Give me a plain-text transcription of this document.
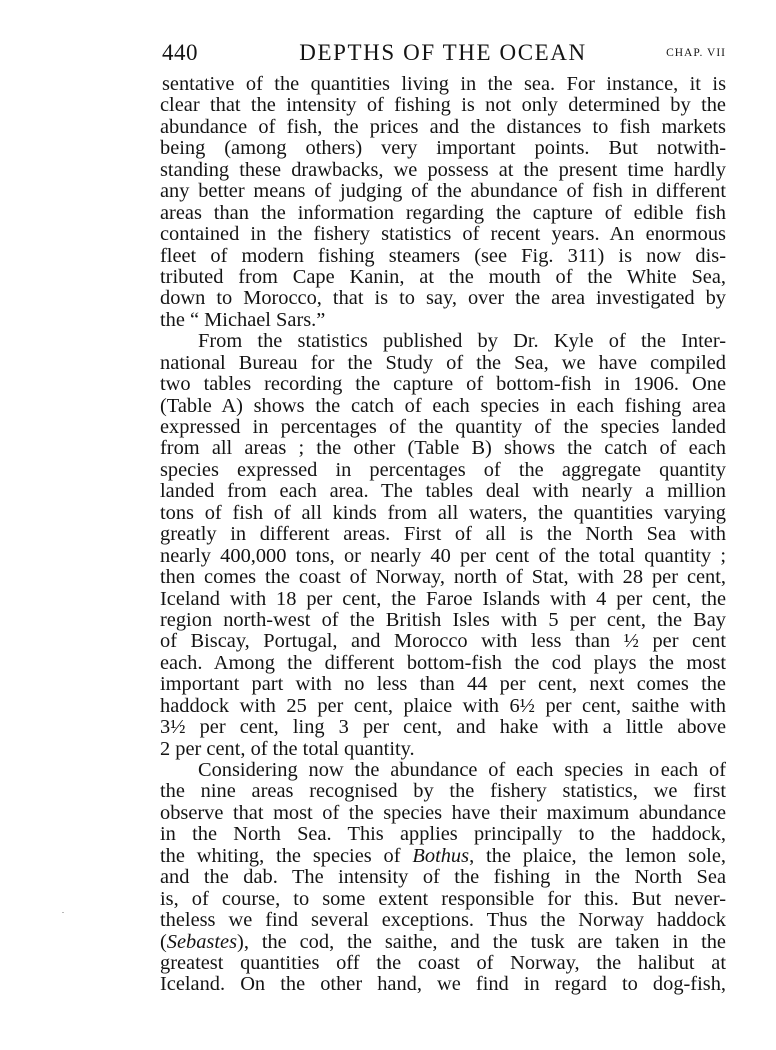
440	DEPTHS OF THE OCEAN	CHAP. VII
sentative of the quantities living in the sea. For instance, it is
clear that the intensity of fishing is not only determined by the
abundance of fish, the prices and the distances to fish markets
being (among others) very important points. But notwith-
standing these drawbacks, we possess at the present time hardly
any better means of judging of the abundance of fish in different
areas than the information regarding the capture of edible fish
contained in the fishery statistics of recent years. An enormous
fleet of modern fishing steamers (see Fig. 311) is now dis-
tributed from Cape Kanin, at the mouth of the White Sea,
down to Morocco, that is to say, over the area investigated by
the “ Michael Sars.”
From the statistics published by Dr. Kyle of the Inter-
national Bureau for the Study of the Sea, we have compiled
two tables recording the capture of bottom-fish in 1906. One
(Table A) shows the catch of each species in each fishing area
expressed in percentages of the quantity of the species landed
from all areas ; the other (Table B) shows the catch of each
species expressed in percentages of the aggregate quantity
landed from each area. The tables deal with nearly a million
tons of fish of all kinds from all waters, the quantities varying
greatly in different areas. First of all is the North Sea with
nearly 400,000 tons, or nearly 40 per cent of the total quantity ;
then comes the coast of Norway, north of Stat, with 28 per cent,
Iceland with 18 per cent, the Faroe Islands with 4 per cent, the
region north-west of the British Isles with 5 per cent, the Bay
of Biscay, Portugal, and Morocco with less than ½ per cent
each. Among the different bottom-fish the cod plays the most
important part with no less than 44 per cent, next comes the
haddock with 25 per cent, plaice with 6½ per cent, saithe with
3½ per cent, ling 3 per cent, and hake with a little above
2 per cent, of the total quantity.
Considering now the abundance of each species in each of
the nine areas recognised by the fishery statistics, we first
observe that most of the species have their maximum abundance
in the North Sea. This applies principally to the haddock,
the whiting, the species of Bothus, the plaice, the lemon sole,
and the dab. The intensity of the fishing in the North Sea
is, of course, to some extent responsible for this. But never-
theless we find several exceptions. Thus the Norway haddock
(Sebastes), the cod, the saithe, and the tusk are taken in the
greatest quantities off the coast of Norway, the halibut at
Iceland. On the other hand, we find in regard to dog-fish,
